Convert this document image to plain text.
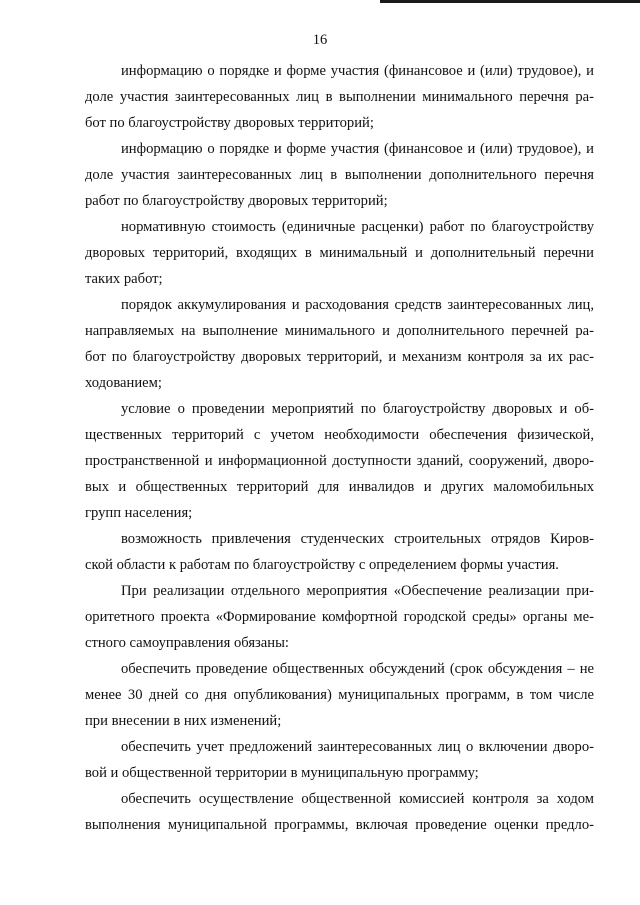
16
информацию о порядке и форме участия (финансовое и (или) трудовое), и
доле участия заинтересованных лиц в выполнении минимального перечня ра-
бот по благоустройству дворовых территорий;
информацию о порядке и форме участия (финансовое и (или) трудовое), и
доле участия заинтересованных лиц в выполнении дополнительного перечня
работ по благоустройству дворовых территорий;
нормативную стоимость (единичные расценки) работ по благоустройству
дворовых территорий, входящих в минимальный и дополнительный перечни
таких работ;
порядок аккумулирования и расходования средств заинтересованных лиц,
направляемых на выполнение минимального и дополнительного перечней ра-
бот по благоустройству дворовых территорий, и механизм контроля за их рас-
ходованием;
условие о проведении мероприятий по благоустройству дворовых и об-
щественных территорий с учетом необходимости обеспечения физической,
пространственной и информационной доступности зданий, сооружений, дворо-
вых и общественных территорий для инвалидов и других маломобильных
групп населения;
возможность привлечения студенческих строительных отрядов Киров-
ской области к работам по благоустройству с определением формы участия.
При реализации отдельного мероприятия «Обеспечение реализации при-
оритетного проекта «Формирование комфортной городской среды» органы ме-
стного самоуправления обязаны:
обеспечить проведение общественных обсуждений (срок обсуждения – не
менее 30 дней со дня опубликования) муниципальных программ, в том числе
при внесении в них изменений;
обеспечить учет предложений заинтересованных лиц о включении дворо-
вой и общественной территории в муниципальную программу;
обеспечить осуществление общественной комиссией контроля за ходом
выполнения муниципальной программы, включая проведение оценки предло-
